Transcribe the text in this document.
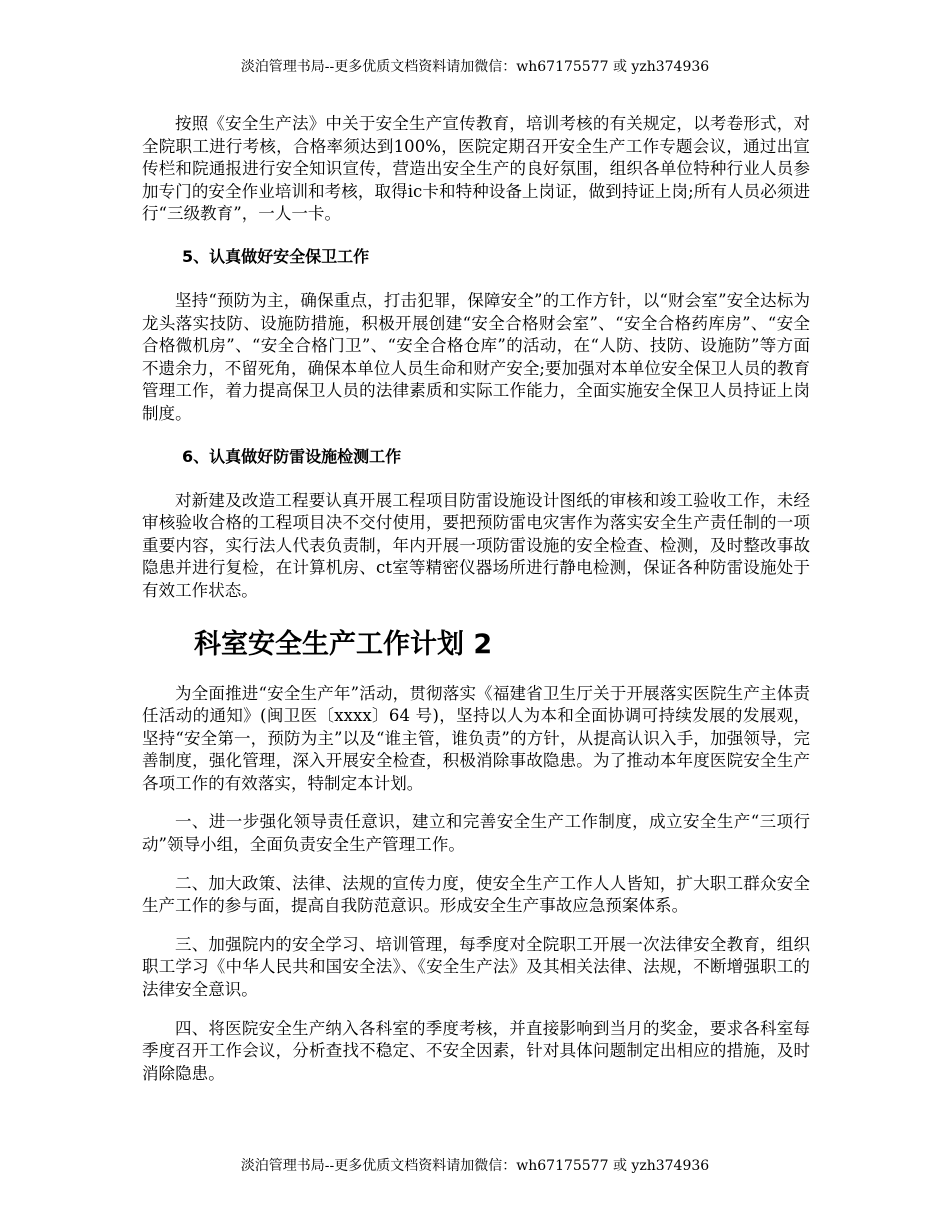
淡泊管理书局--更多优质文档资料请加微信：wh67175577 或 yzh374936

按照《安全生产法》中关于安全生产宣传教育，培训考核的有关规定，以考卷形式，对全院职工进行考核，合格率须达到100%，医院定期召开安全生产工作专题会议，通过出宣传栏和院通报进行安全知识宣传，营造出安全生产的良好氛围，组织各单位特种行业人员参加专门的安全作业培训和考核，取得ic卡和特种设备上岗证，做到持证上岗;所有人员必须进行“三级教育”，一人一卡。

5、认真做好安全保卫工作

坚持“预防为主，确保重点，打击犯罪，保障安全”的工作方针，以“财会室”安全达标为龙头落实技防、设施防措施，积极开展创建“安全合格财会室”、“安全合格药库房”、“安全合格微机房”、“安全合格门卫”、“安全合格仓库”的活动，在“人防、技防、设施防”等方面不遗余力，不留死角，确保本单位人员生命和财产安全;要加强对本单位安全保卫人员的教育管理工作，着力提高保卫人员的法律素质和实际工作能力，全面实施安全保卫人员持证上岗制度。

6、认真做好防雷设施检测工作

对新建及改造工程要认真开展工程项目防雷设施设计图纸的审核和竣工验收工作，未经审核验收合格的工程项目决不交付使用，要把预防雷电灾害作为落实安全生产责任制的一项重要内容，实行法人代表负责制，年内开展一项防雷设施的安全检查、检测，及时整改事故隐患并进行复检，在计算机房、ct室等精密仪器场所进行静电检测，保证各种防雷设施处于有效工作状态。

科室安全生产工作计划 2

为全面推进“安全生产年”活动，贯彻落实《福建省卫生厅关于开展落实医院生产主体责任活动的通知》(闽卫医〔xxxx〕64 号)，坚持以人为本和全面协调可持续发展的发展观，坚持“安全第一，预防为主”以及“谁主管，谁负责”的方针，从提高认识入手，加强领导，完善制度，强化管理，深入开展安全检查，积极消除事故隐患。为了推动本年度医院安全生产各项工作的有效落实，特制定本计划。

一、进一步强化领导责任意识，建立和完善安全生产工作制度，成立安全生产“三项行动”领导小组，全面负责安全生产管理工作。

二、加大政策、法律、法规的宣传力度，使安全生产工作人人皆知，扩大职工群众安全生产工作的参与面，提高自我防范意识。形成安全生产事故应急预案体系。

三、加强院内的安全学习、培训管理，每季度对全院职工开展一次法律安全教育，组织职工学习《中华人民共和国安全法》、《安全生产法》及其相关法律、法规，不断增强职工的法律安全意识。

四、将医院安全生产纳入各科室的季度考核，并直接影响到当月的奖金，要求各科室每季度召开工作会议，分析查找不稳定、不安全因素，针对具体问题制定出相应的措施，及时消除隐患。

淡泊管理书局--更多优质文档资料请加微信：wh67175577 或 yzh374936
